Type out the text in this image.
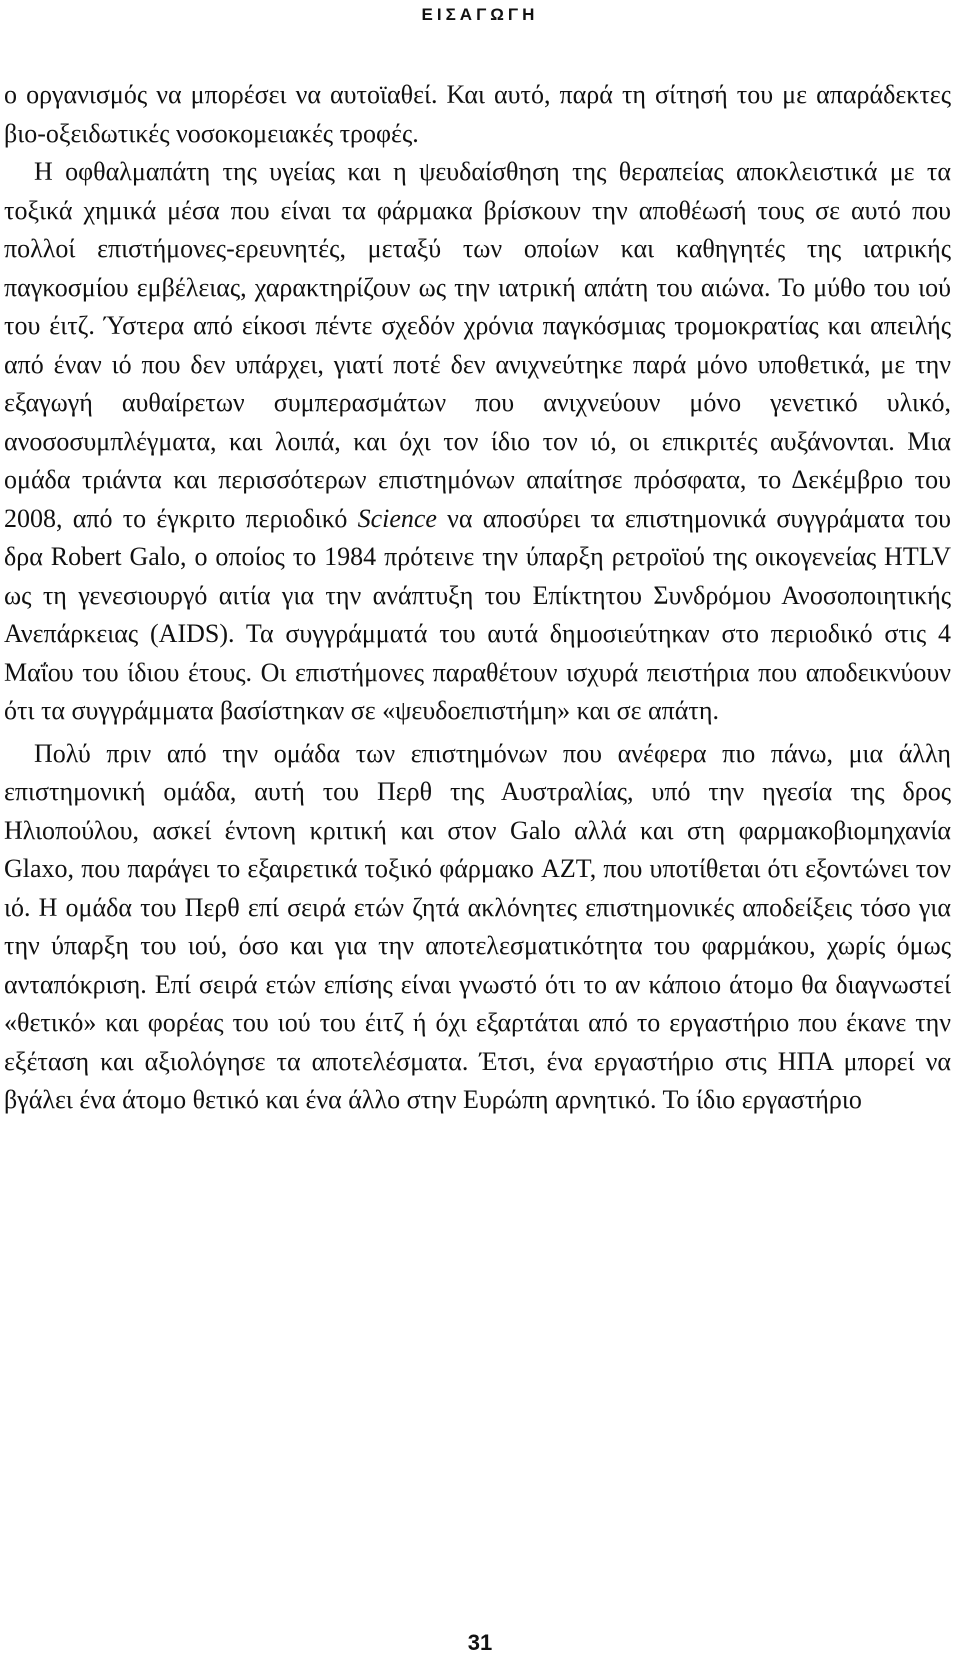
ΕΙΣΑΓΩΓΗ

ο οργανισμός να μπορέσει να αυτοϊαθεί. Και αυτό, παρά τη σίτησή του με απαράδεκτες βιο-οξειδωτικές νοσοκομειακές τροφές.

Η οφθαλμαπάτη της υγείας και η ψευδαίσθηση της θεραπείας αποκλειστικά με τα τοξικά χημικά μέσα που είναι τα φάρμακα βρίσκουν την αποθέωσή τους σε αυτό που πολλοί επιστήμονες-ερευνητές, μεταξύ των οποίων και καθηγητές της ιατρικής παγκοσμίου εμβέλειας, χαρακτηρίζουν ως την ιατρική απάτη του αιώνα. Το μύθο του ιού του έιτζ. Ύστερα από είκοσι πέντε σχεδόν χρόνια παγκόσμιας τρομοκρατίας και απειλής από έναν ιό που δεν υπάρχει, γιατί ποτέ δεν ανιχνεύτηκε παρά μόνο υποθετικά, με την εξαγωγή αυθαίρετων συμπερασμάτων που ανιχνεύουν μόνο γενετικό υλικό, ανοσοσυμπλέγματα, και λοιπά, και όχι τον ίδιο τον ιό, οι επικριτές αυξάνονται. Μια ομάδα τριάντα και περισσότερων επιστημόνων απαίτησε πρόσφατα, το Δεκέμβριο του 2008, από το έγκριτο περιοδικό Science να αποσύρει τα επιστημονικά συγγράματα του δρα Robert Galo, ο οποίος το 1984 πρότεινε την ύπαρξη ρετροϊού της οικογενείας HTLV ως τη γενεσιουργό αιτία για την ανάπτυξη του Επίκτητου Συνδρόμου Ανοσοποιητικής Ανεπάρκειας (AIDS). Τα συγγράμματά του αυτά δημοσιεύτηκαν στο περιοδικό στις 4 Μαΐου του ίδιου έτους. Οι επιστήμονες παραθέτουν ισχυρά πειστήρια που αποδεικνύουν ότι τα συγγράμματα βασίστηκαν σε «ψευδοεπιστήμη» και σε απάτη.

Πολύ πριν από την ομάδα των επιστημόνων που ανέφερα πιο πάνω, μια άλλη επιστημονική ομάδα, αυτή του Περθ της Αυστραλίας, υπό την ηγεσία της δρος Ηλιοπούλου, ασκεί έντονη κριτική και στον Galo αλλά και στη φαρμακοβιομηχανία Glaxo, που παράγει το εξαιρετικά τοξικό φάρμακο AZT, που υποτίθεται ότι εξοντώνει τον ιό. Η ομάδα του Περθ επί σειρά ετών ζητά ακλόνητες επιστημονικές αποδείξεις τόσο για την ύπαρξη του ιού, όσο και για την αποτελεσματικότητα του φαρμάκου, χωρίς όμως ανταπόκριση. Επί σειρά ετών επίσης είναι γνωστό ότι το αν κάποιο άτομο θα διαγνωστεί «θετικό» και φορέας του ιού του έιτζ ή όχι εξαρτάται από το εργαστήριο που έκανε την εξέταση και αξιολόγησε τα αποτελέσματα. Έτσι, ένα εργαστήριο στις ΗΠΑ μπορεί να βγάλει ένα άτομο θετικό και ένα άλλο στην Ευρώπη αρνητικό. Το ίδιο εργαστήριο

31
